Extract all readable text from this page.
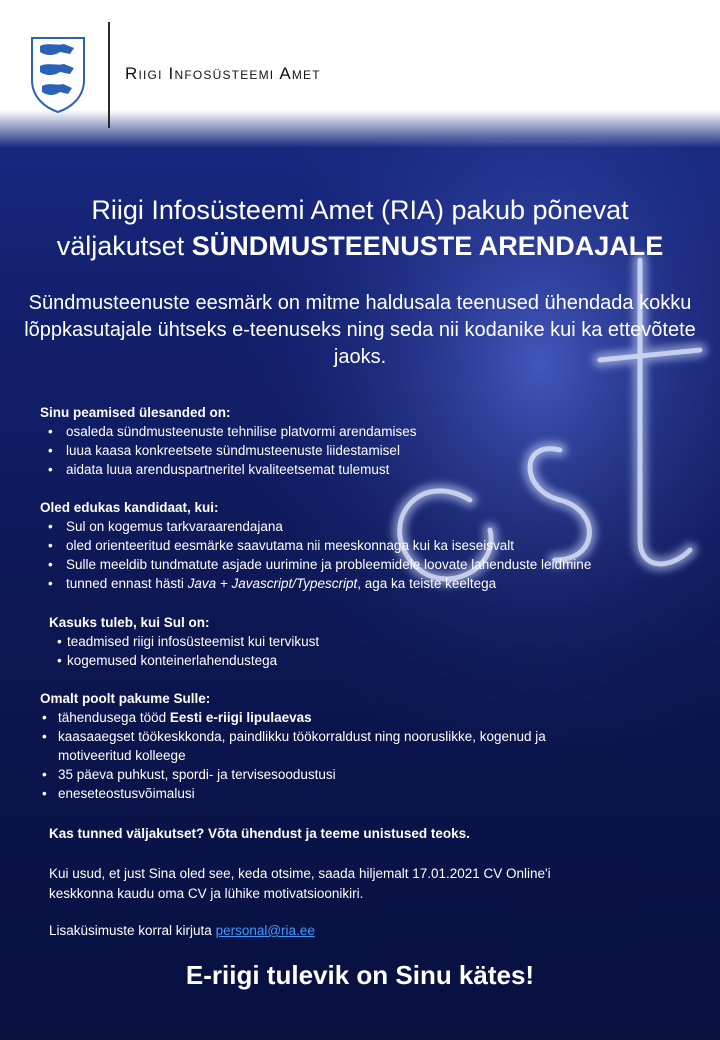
Riigi Infosüsteemi Amet
Riigi Infosüsteemi Amet (RIA) pakub põnevat
väljakutset SÜNDMUSTEENUSTE ARENDAJALE
Sündmusteenuste eesmärk on mitme haldusala teenused ühendada kokku lõppkasutajale ühtseks e-teenuseks ning seda nii kodanike kui ka ettevõtete jaoks.
Sinu peamised ülesanded on:
• osaleda sündmusteenuste tehnilise platvormi arendamises
• luua kaasa konkreetsete sündmusteenuste liidestamisel
• aidata luua arenduspartneritel kvaliteetsemat tulemust
Oled edukas kandidaat, kui:
• Sul on kogemus tarkvaraarendajana
• oled orienteeritud eesmärke saavutama nii meeskonnaga kui ka iseseisvalt
• Sulle meeldib tundmatute asjade uurimine ja probleemidele loovate lahenduste leidmine
• tunned ennast hästi Java + Javascript/Typescript, aga ka teiste keeltega
Kasuks tuleb, kui Sul on:
• teadmised riigi infosüsteemist kui tervikust
• kogemused konteinerlahendustega
Omalt poolt pakume Sulle:
• tähendusega tööd Eesti e-riigi lipulaevas
• kaasaaegset töökeskkonda, paindlikku töökorraldust ning nooruslikke, kogenud ja motiveeritud kolleege
• 35 päeva puhkust, spordi- ja tervisesoodustusi
• eneseteostusvõimalusi
Kas tunned väljakutset? Võta ühendust ja teeme unistused teoks.
Kui usud, et just Sina oled see, keda otsime, saada hiljemalt 17.01.2021 CV Online'i keskkonna kaudu oma CV ja lühike motivatsioonikiri.
Lisaküsimuste korral kirjuta personal@ria.ee
E-riigi tulevik on Sinu kätes!
